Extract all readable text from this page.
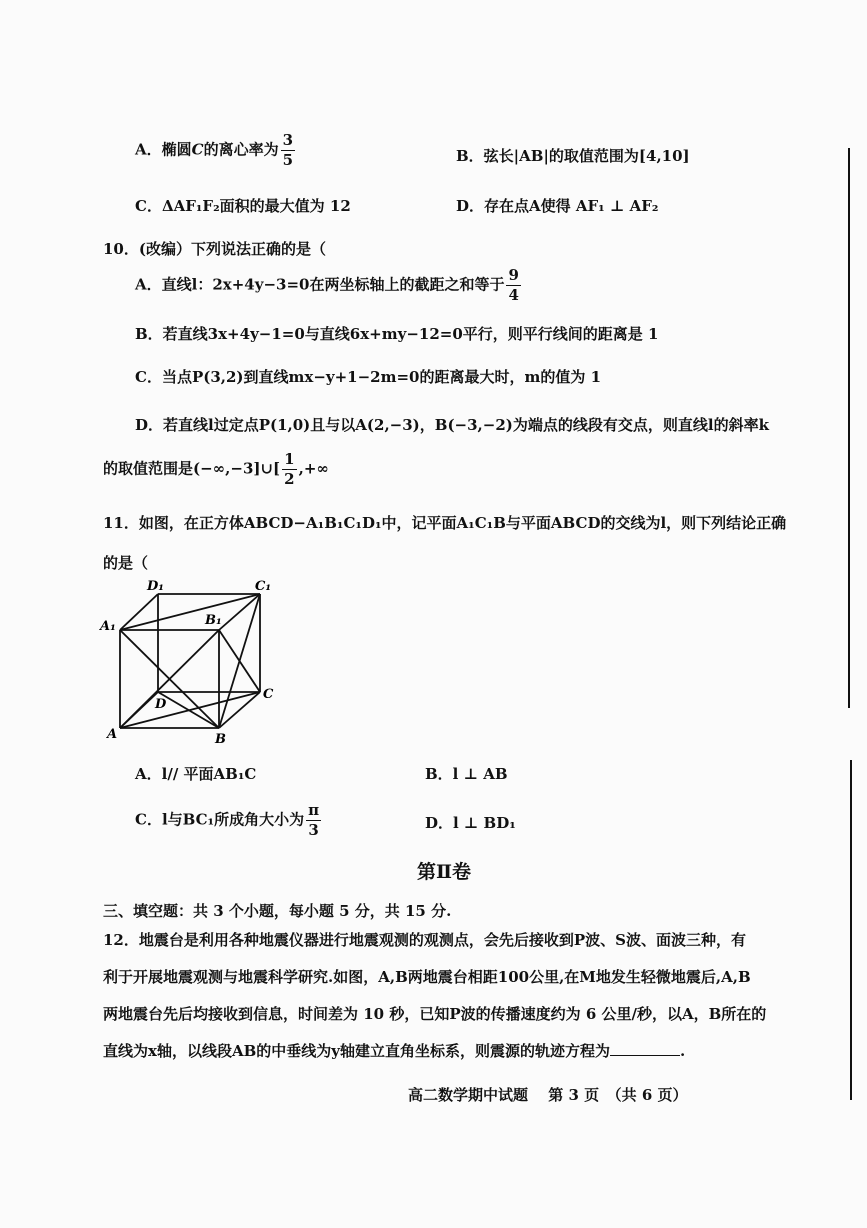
A．椭圆C的离心率为 $\frac{3}{5}$	B．弦长|AB|的取值范围为[4,10]
C．ΔAF₁F₂面积的最大值为 12	D．存在点A使得 AF₁ ⊥ AF₂
10．(改编）下列说法正确的是（
A．直线l：2x+4y−3=0在两坐标轴上的截距之和等于 $\frac{9}{4}$
B．若直线3x+4y−1=0与直线6x+my−12=0平行，则平行线间的距离是 1
C．当点P(3,2)到直线mx−y+1−2m=0的距离最大时，m的值为 1
D．若直线l过定点P(1,0)且与以A(2,−3)，B(−3,−2)为端点的线段有交点，则直线l的斜率k
的取值范围是(−∞,−3]∪[ $\frac{1}{2}$ ,+∞
11．如图，在正方体ABCD−A₁B₁C₁D₁中，记平面A₁C₁B与平面ABCD的交线为l，则下列结论正确
的是（
D₁	C₁
A₁	B₁
D
C
A	B
A．l// 平面AB₁C	B．l ⊥ AB
C．l与BC₁所成角大小为 $\frac{\pi}{3}$	D．l ⊥ BD₁
第Ⅱ卷
三、填空题：共 3 个小题，每小题 5 分，共 15 分.
12．地震台是利用各种地震仪器进行地震观测的观测点，会先后接收到P波、S波、面波三种，有
利于开展地震观测与地震科学研究.如图，A,B两地震台相距100公里,在M地发生轻微地震后,A,B
两地震台先后均接收到信息，时间差为 10 秒，已知P波的传播速度约为 6 公里/秒，以A，B所在的
直线为x轴，以线段AB的中垂线为y轴建立直角坐标系，则震源的轨迹方程为	.
高二数学期中试题　 第 3 页　（共 6 页）
